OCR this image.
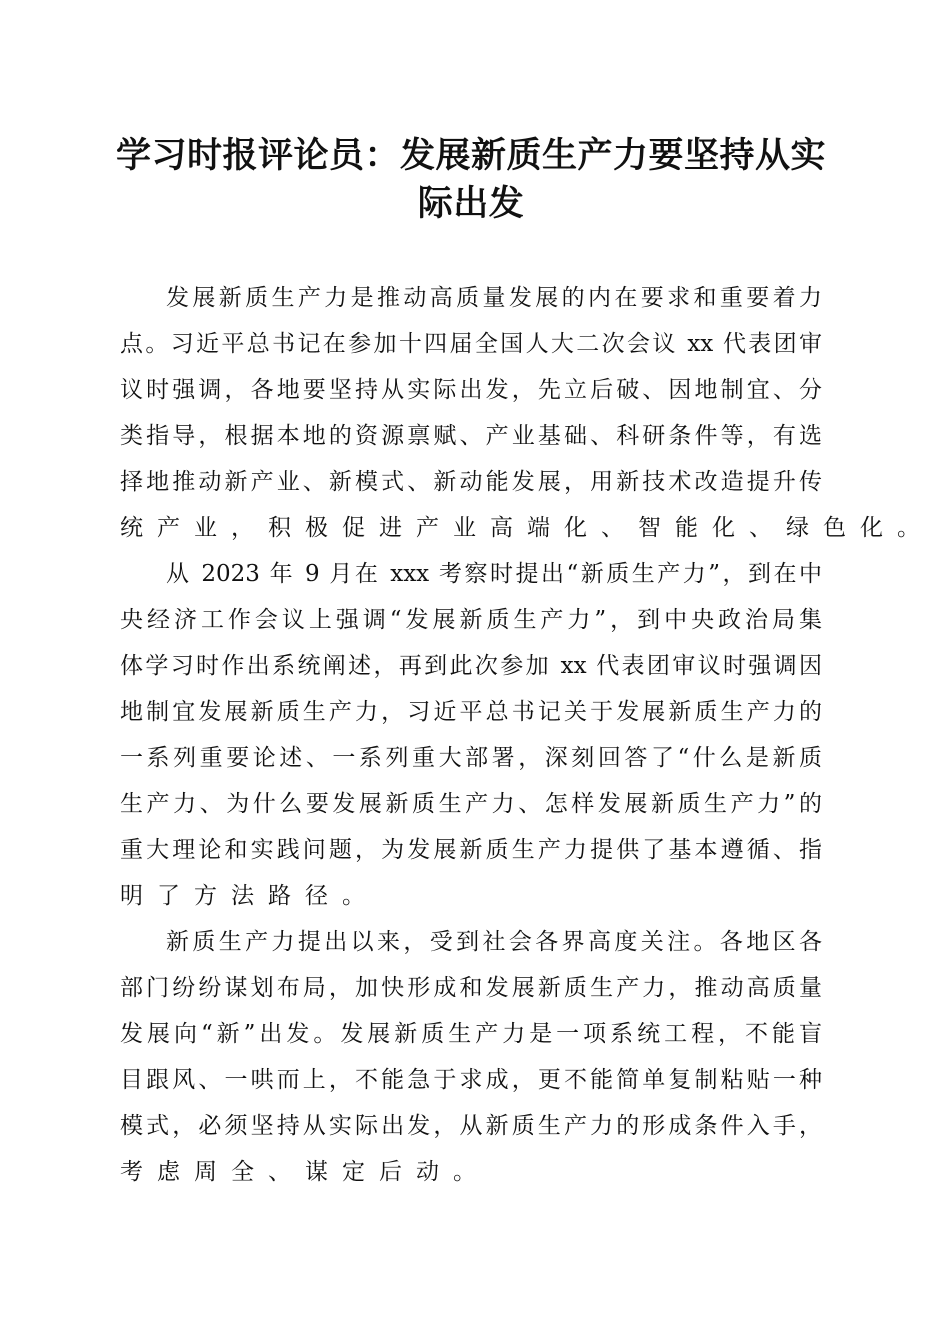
学习时报评论员：发展新质生产力要坚持从实
际出发
发展新质生产力是推动高质量发展的内在要求和重要着力
点。习近平总书记在参加十四届全国人大二次会议 xx 代表团审
议时强调，各地要坚持从实际出发，先立后破、因地制宜、分
类指导，根据本地的资源禀赋、产业基础、科研条件等，有选
择地推动新产业、新模式、新动能发展，用新技术改造提升传
统产业，积极促进产业高端化、智能化、绿色化。
从 2023 年 9 月在 xxx 考察时提出“新质生产力”，到在中
央经济工作会议上强调“发展新质生产力”，到中央政治局集
体学习时作出系统阐述，再到此次参加 xx 代表团审议时强调因
地制宜发展新质生产力，习近平总书记关于发展新质生产力的
一系列重要论述、一系列重大部署，深刻回答了“什么是新质
生产力、为什么要发展新质生产力、怎样发展新质生产力”的
重大理论和实践问题，为发展新质生产力提供了基本遵循、指
明了方法路径。
新质生产力提出以来，受到社会各界高度关注。各地区各
部门纷纷谋划布局，加快形成和发展新质生产力，推动高质量
发展向“新”出发。发展新质生产力是一项系统工程，不能盲
目跟风、一哄而上，不能急于求成，更不能简单复制粘贴一种
模式，必须坚持从实际出发，从新质生产力的形成条件入手，
考虑周全、谋定后动。
